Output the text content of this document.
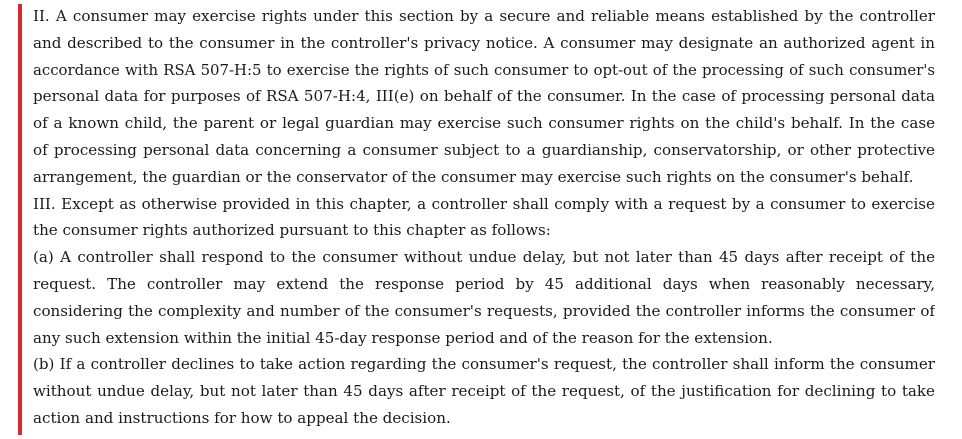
II. A consumer may exercise rights under this section by a secure and reliable means established by the controller
and described to the consumer in the controller's privacy notice. A consumer may designate an authorized agent in
accordance with RSA 507-H:5 to exercise the rights of such consumer to opt-out of the processing of such consumer's
personal data for purposes of RSA 507-H:4, III(e) on behalf of the consumer. In the case of processing personal data
of a known child, the parent or legal guardian may exercise such consumer rights on the child's behalf. In the case
of processing personal data concerning a consumer subject to a guardianship, conservatorship, or other protective
arrangement, the guardian or the conservator of the consumer may exercise such rights on the consumer's behalf.
III. Except as otherwise provided in this chapter, a controller shall comply with a request by a consumer to exercise
the consumer rights authorized pursuant to this chapter as follows:
(a) A controller shall respond to the consumer without undue delay, but not later than 45 days after receipt of the
request. The controller may extend the response period by 45 additional days when reasonably necessary,
considering the complexity and number of the consumer's requests, provided the controller informs the consumer of
any such extension within the initial 45-day response period and of the reason for the extension.
(b) If a controller declines to take action regarding the consumer's request, the controller shall inform the consumer
without undue delay, but not later than 45 days after receipt of the request, of the justification for declining to take
action and instructions for how to appeal the decision.
